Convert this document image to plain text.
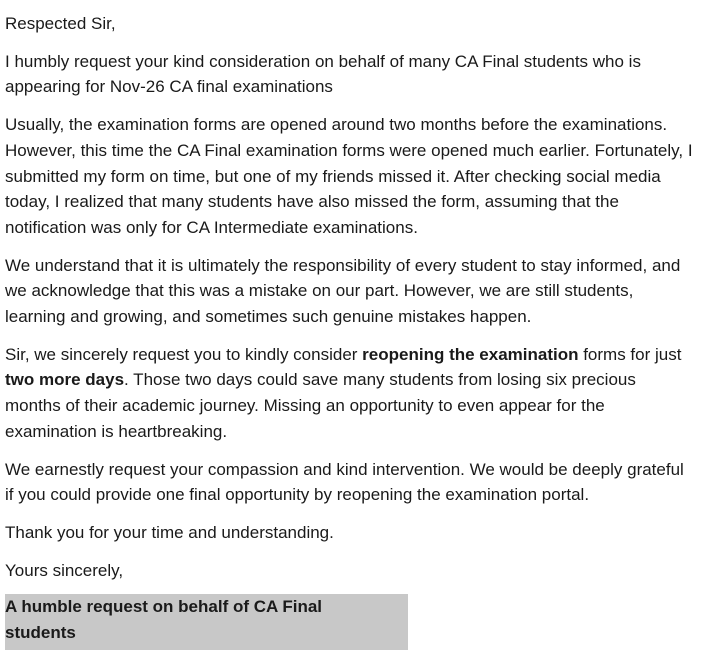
Respected Sir,

I humbly request your kind consideration on behalf of many CA Final students who is appearing for Nov-26 CA final examinations

Usually, the examination forms are opened around two months before the examinations. However, this time the CA Final examination forms were opened much earlier. Fortunately, I submitted my form on time, but one of my friends missed it. After checking social media today, I realized that many students have also missed the form, assuming that the notification was only for CA Intermediate examinations.

We understand that it is ultimately the responsibility of every student to stay informed, and we acknowledge that this was a mistake on our part. However, we are still students, learning and growing, and sometimes such genuine mistakes happen.

Sir, we sincerely request you to kindly consider reopening the examination forms for just two more days. Those two days could save many students from losing six precious months of their academic journey. Missing an opportunity to even appear for the examination is heartbreaking.

We earnestly request your compassion and kind intervention. We would be deeply grateful if you could provide one final opportunity by reopening the examination portal.

Thank you for your time and understanding.

Yours sincerely,

A humble request on behalf of CA Final students
